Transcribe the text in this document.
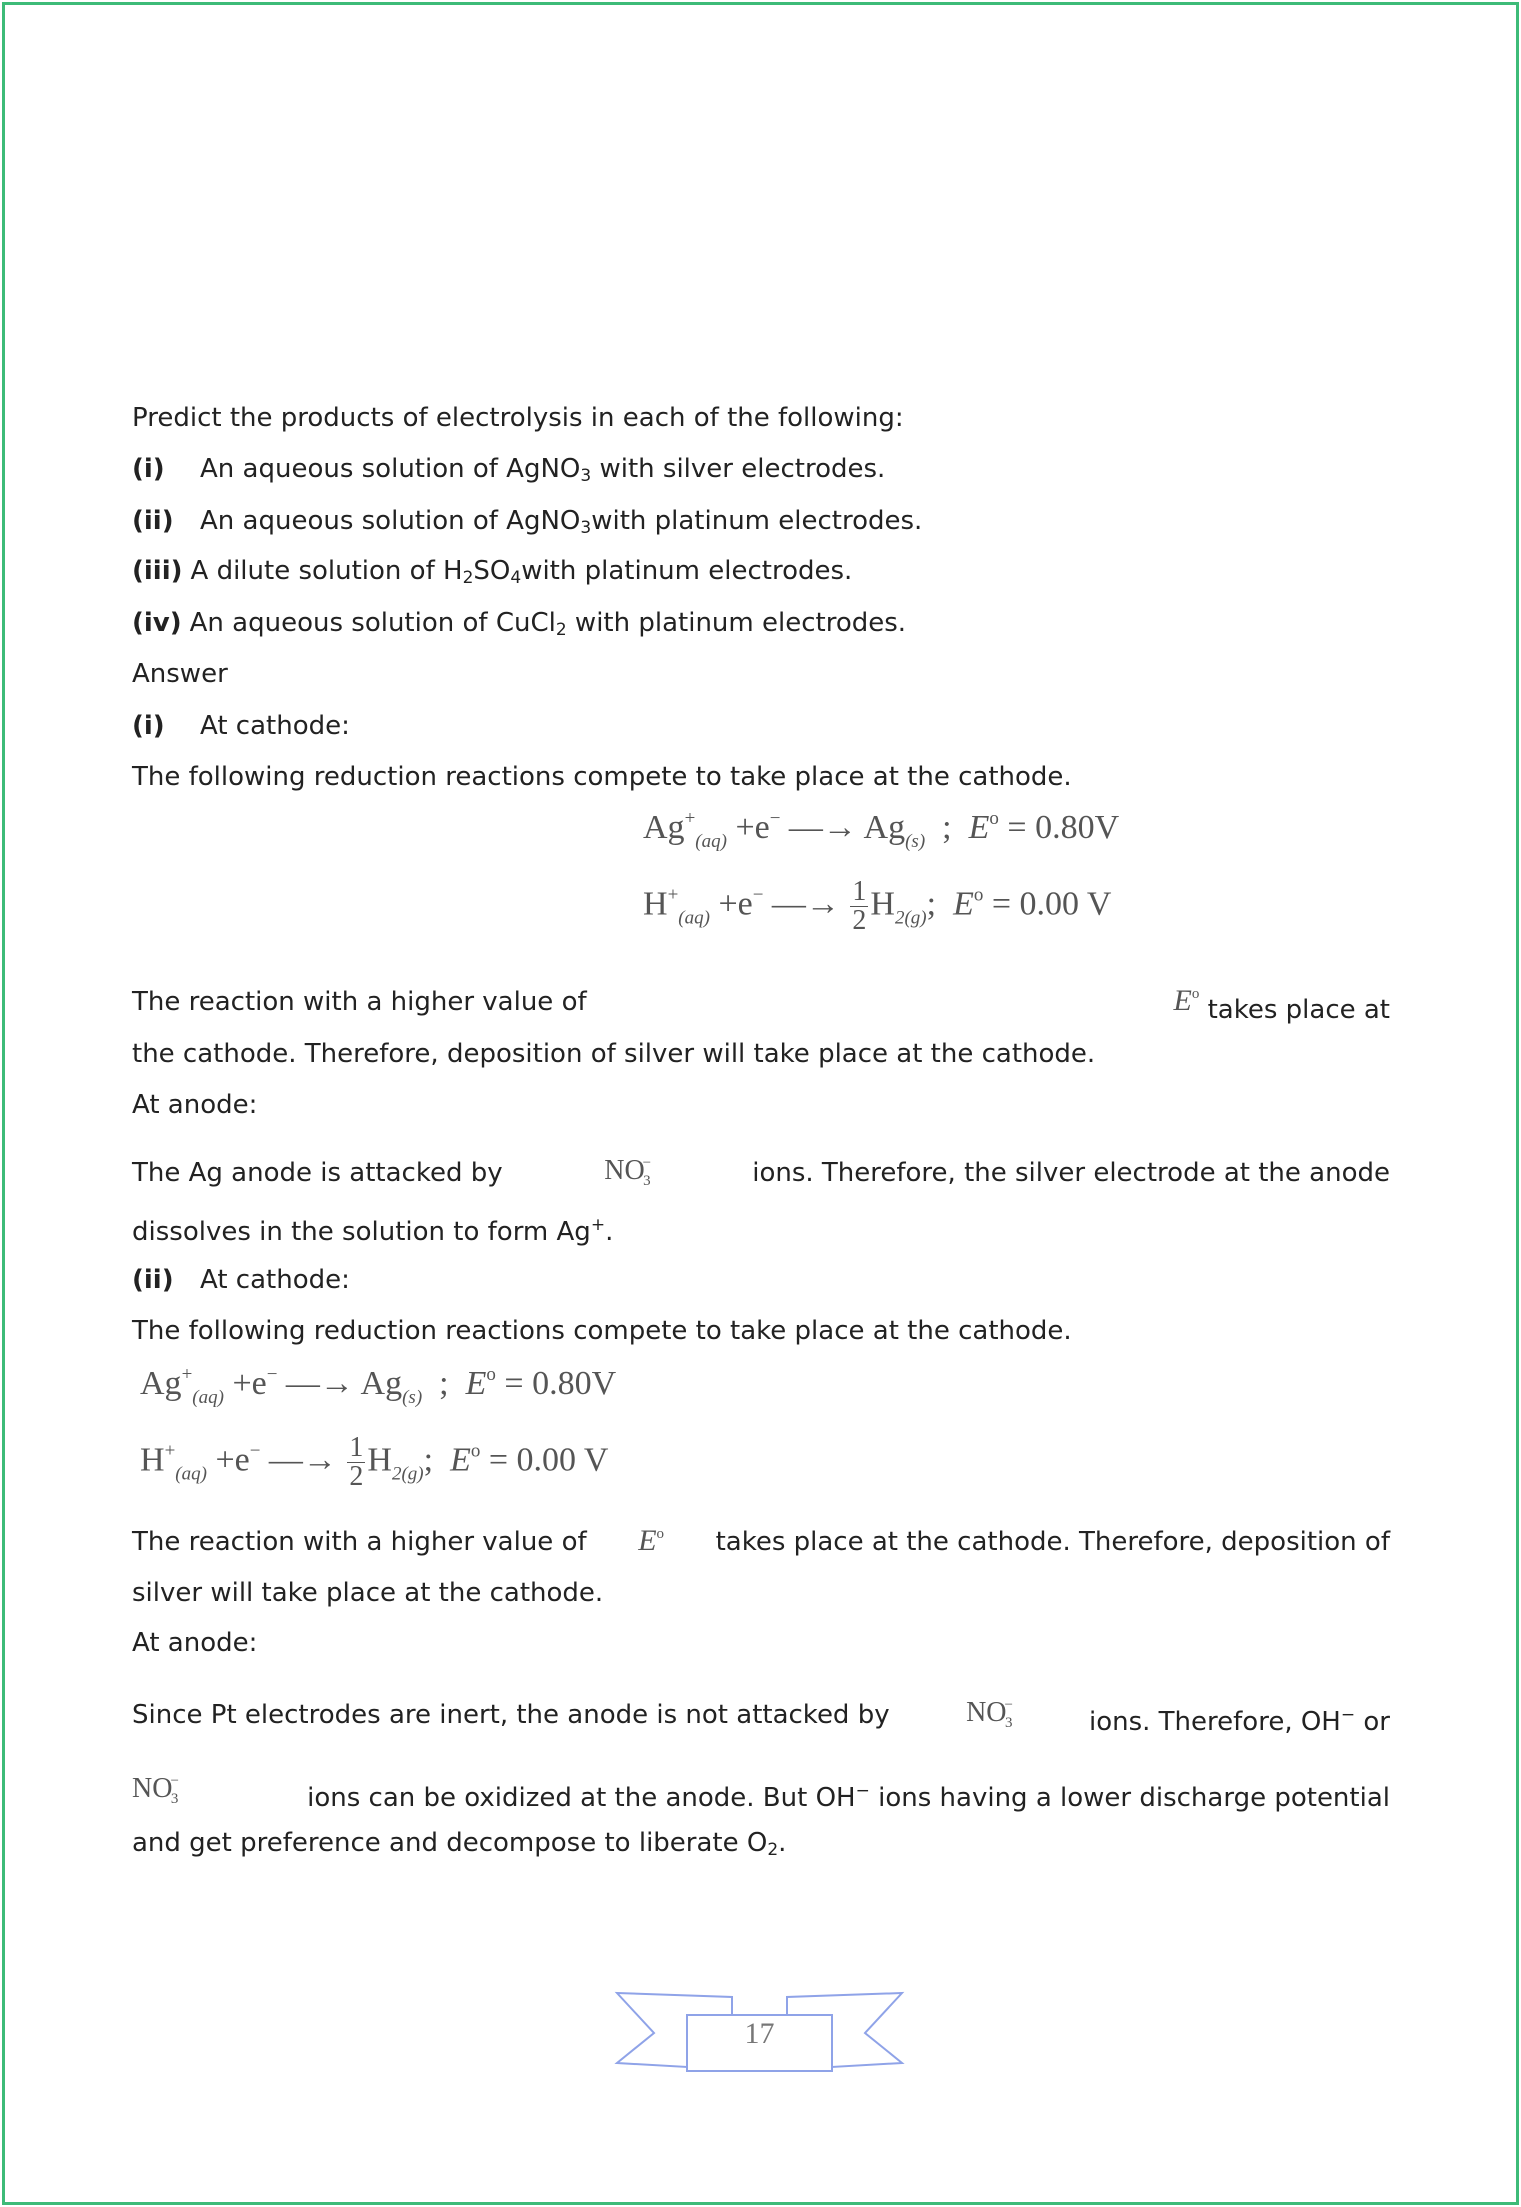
Predict the products of electrolysis in each of the following:
(i) An aqueous solution of AgNO$_3$ with silver electrodes.
(ii) An aqueous solution of AgNO$_3$with platinum electrodes.
(iii) A dilute solution of $H_2SO_4with$ platinum electrodes.
(iv) An aqueous solution of CuCl$_2$ with platinum electrodes.
Answer
(i) At cathode:
The following reduction reactions compete to take place at the cathode.
$Ag^+_{(aq)} +e^-$ —→ $Ag_{(s)}$ ; $E^o = 0.80V$
$H^+_{(aq)} +e^-$ —→ $\frac{1}{2} H_{2(g)}$; $E^o = 0.00$ V
The reaction with a higher value of	$E^o$ takes place at
the cathode. Therefore, deposition of silver will take place at the cathode.
At anode:
The Ag anode is attacked by	$NO^-_3$	ions. Therefore, the silver electrode at the anode
dissolves in the solution to form Ag+.
(ii) At cathode:
The following reduction reactions compete to take place at the cathode.
$Ag^+_{(aq)} +e^-$ —→ $Ag_{(s)}$ ; $E^o = 0.80V$
$H^+_{(aq)} +e^-$ —→ $\frac{1}{2} H_{2(g)}$; $E^o = 0.00$ V
The reaction with a higher value of $E^o$ takes place at the cathode. Therefore, deposition of
silver will take place at the cathode.
At anode:
Since Pt electrodes are inert, the anode is not attacked by	$NO^-_3$	ions. Therefore, OH− or
$NO^-_3$	ions can be oxidized at the anode. But OH− ions having a lower discharge potential
and get preference and decompose to liberate $O_2$.
17
